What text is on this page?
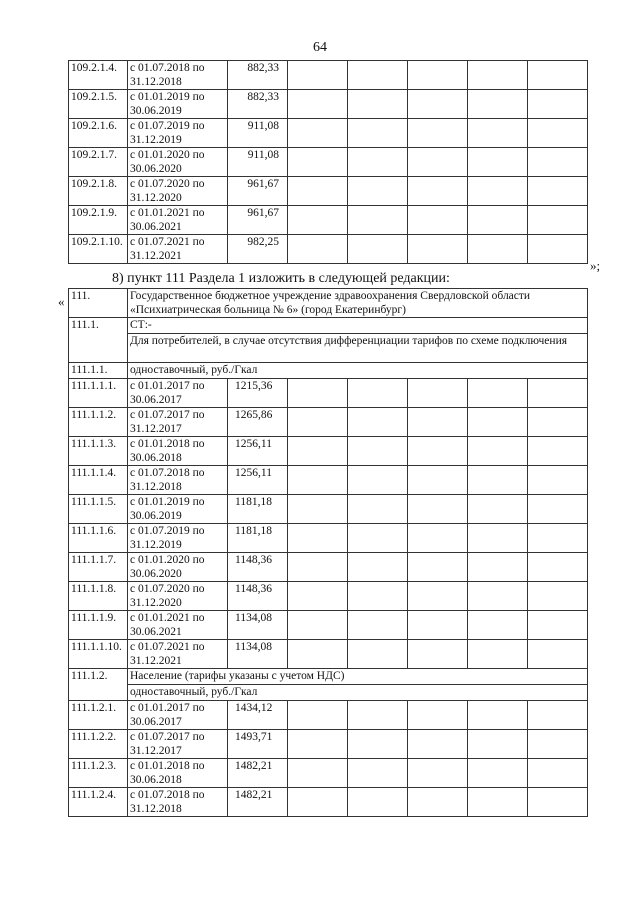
64
109.2.1.4.	с 01.07.2018 по 31.12.2018	882,33					
109.2.1.5.	с 01.01.2019 по 30.06.2019	882,33					
109.2.1.6.	с 01.07.2019 по 31.12.2019	911,08					
109.2.1.7.	с 01.01.2020 по 30.06.2020	911,08					
109.2.1.8.	с 01.07.2020 по 31.12.2020	961,67					
109.2.1.9.	с 01.01.2021 по 30.06.2021	961,67					
109.2.1.10.	с 01.07.2021 по 31.12.2021	982,25					
»;
8) пункт 111 Раздела 1 изложить в следующей редакции:
« 111.	Государственное бюджетное учреждение здравоохранения Свердловской области «Психиатрическая больница № 6» (город Екатеринбург)						
111.1.	СТ:-						
	Для потребителей, в случае отсутствия дифференциации тарифов по схеме подключения						
111.1.1.	одноставочный, руб./Гкал						
111.1.1.1.	с 01.01.2017 по 30.06.2017	1215,36					
111.1.1.2.	с 01.07.2017 по 31.12.2017	1265,86					
111.1.1.3.	с 01.01.2018 по 30.06.2018	1256,11					
111.1.1.4.	с 01.07.2018 по 31.12.2018	1256,11					
111.1.1.5.	с 01.01.2019 по 30.06.2019	1181,18					
111.1.1.6.	с 01.07.2019 по 31.12.2019	1181,18					
111.1.1.7.	с 01.01.2020 по 30.06.2020	1148,36					
111.1.1.8.	с 01.07.2020 по 31.12.2020	1148,36					
111.1.1.9.	с 01.01.2021 по 30.06.2021	1134,08					
111.1.1.10.	с 01.07.2021 по 31.12.2021	1134,08					
111.1.2.	Население (тарифы указаны с учетом НДС)						
	одноставочный, руб./Гкал						
111.1.2.1.	с 01.01.2017 по 30.06.2017	1434,12					
111.1.2.2.	с 01.07.2017 по 31.12.2017	1493,71					
111.1.2.3.	с 01.01.2018 по 30.06.2018	1482,21					
111.1.2.4.	с 01.07.2018 по 31.12.2018	1482,21					
